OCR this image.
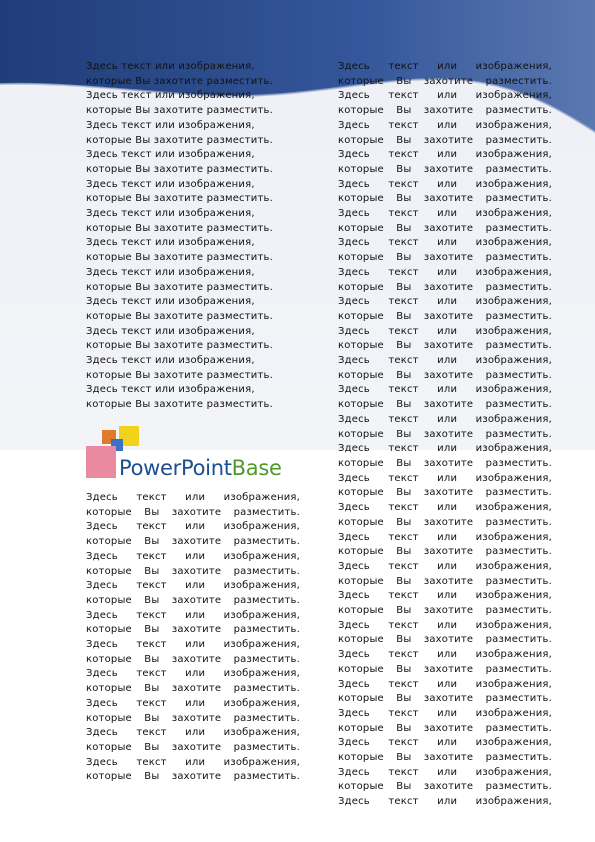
Здесь текст или изображения,

которые Вы захотите разместить.

Здесь текст или изображения,

которые Вы захотите разместить.

Здесь текст или изображения,

которые Вы захотите разместить.

Здесь текст или изображения,

которые Вы захотите разместить.

Здесь текст или изображения,

которые Вы захотите разместить.

Здесь текст или изображения,

которые Вы захотите разместить.

Здесь текст или изображения,

которые Вы захотите разместить.

Здесь текст или изображения,

которые Вы захотите разместить.

Здесь текст или изображения,

которые Вы захотите разместить.

Здесь текст или изображения,

которые Вы захотите разместить.

Здесь текст или изображения,

которые Вы захотите разместить.

Здесь текст или изображения,

которые Вы захотите разместить.

PowerPointBase

Здесь текст или изображения,

которые Вы захотите разместить.

Здесь текст или изображения,

которые Вы захотите разместить.

Здесь текст или изображения,

которые Вы захотите разместить.

Здесь текст или изображения,

которые Вы захотите разместить.

Здесь текст или изображения,

которые Вы захотите разместить.

Здесь текст или изображения,

которые Вы захотите разместить.

Здесь текст или изображения,

которые Вы захотите разместить.

Здесь текст или изображения,

которые Вы захотите разместить.

Здесь текст или изображения,

которые Вы захотите разместить.

Здесь текст или изображения,

которые Вы захотите разместить.

Здесь текст или изображения,

которые Вы захотите разместить.

Здесь текст или изображения,

которые Вы захотите разместить.

Здесь текст или изображения,

которые Вы захотите разместить.

Здесь текст или изображения,

которые Вы захотите разместить.

Здесь текст или изображения,

которые Вы захотите разместить.

Здесь текст или изображения,

которые Вы захотите разместить.

Здесь текст или изображения,

которые Вы захотите разместить.

Здесь текст или изображения,

которые Вы захотите разместить.

Здесь текст или изображения,

которые Вы захотите разместить.

Здесь текст или изображения,

которые Вы захотите разместить.

Здесь текст или изображения,

которые Вы захотите разместить.

Здесь текст или изображения,

которые Вы захотите разместить.

Здесь текст или изображения,

которые Вы захотите разместить.

Здесь текст или изображения,

которые Вы захотите разместить.

Здесь текст или изображения,

которые Вы захотите разместить.

Здесь текст или изображения,

которые Вы захотите разместить.

Здесь текст или изображения,

которые Вы захотите разместить.

Здесь текст или изображения,

которые Вы захотите разместить.

Здесь текст или изображения,

которые Вы захотите разместить.

Здесь текст или изображения,

которые Вы захотите разместить.

Здесь текст или изображения,

которые Вы захотите разместить.

Здесь текст или изображения,

которые Вы захотите разместить.

Здесь текст или изображения,

которые Вы захотите разместить.

Здесь текст или изображения,

которые Вы захотите разместить.

Здесь текст или изображения,

которые Вы захотите разместить.

Здесь текст или изображения,
